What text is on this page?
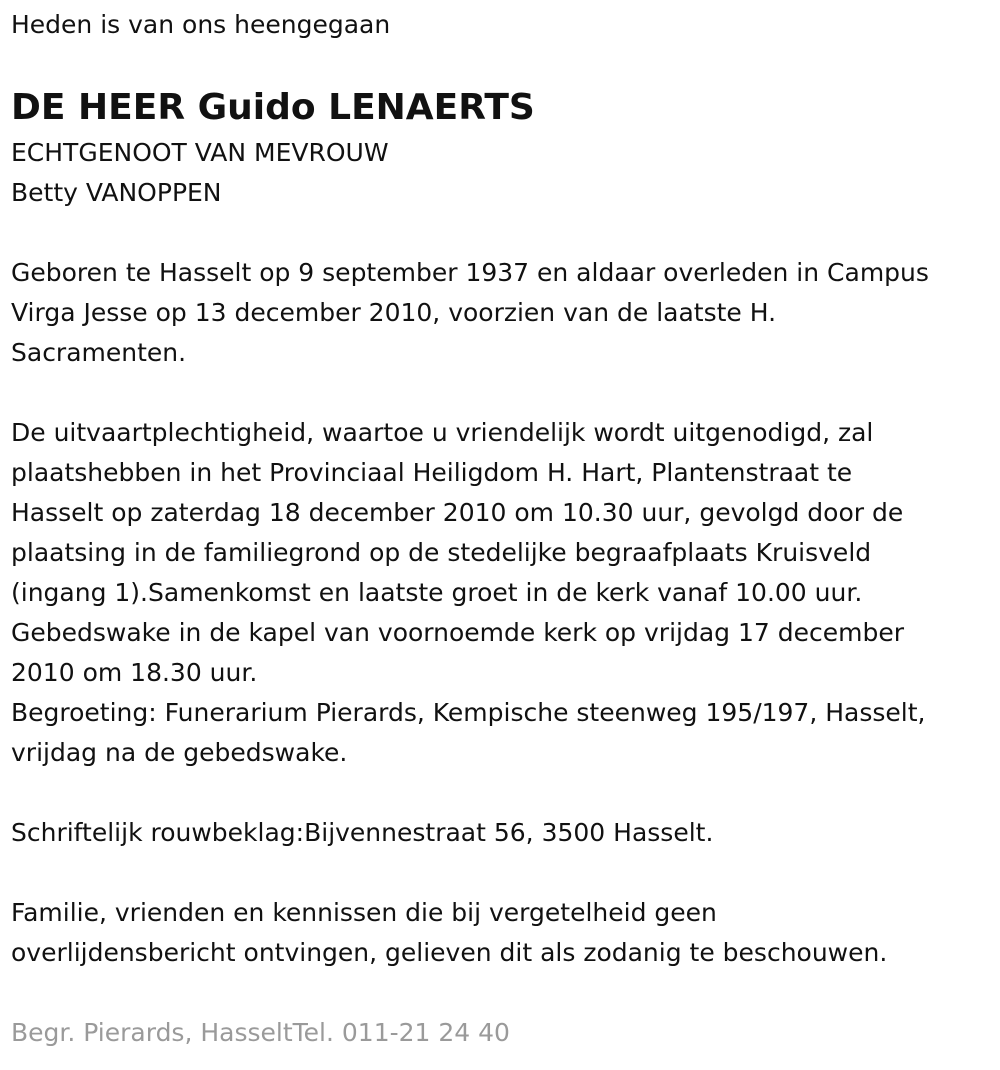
Heden is van ons heengegaan

DE HEER Guido LENAERTS

ECHTGENOOT VAN MEVROUW

Betty VANOPPEN

Geboren te Hasselt op 9 september 1937 en aldaar overleden in Campus

Virga Jesse op 13 december 2010, voorzien van de laatste H.

Sacramenten.

De uitvaartplechtigheid, waartoe u vriendelijk wordt uitgenodigd, zal

plaatshebben in het Provinciaal Heiligdom H. Hart, Plantenstraat te

Hasselt op zaterdag 18 december 2010 om 10.30 uur, gevolgd door de

plaatsing in de familiegrond op de stedelijke begraafplaats Kruisveld

(ingang 1).Samenkomst en laatste groet in de kerk vanaf 10.00 uur.

Gebedswake in de kapel van voornoemde kerk op vrijdag 17 december

2010 om 18.30 uur.

Begroeting: Funerarium Pierards, Kempische steenweg 195/197, Hasselt,

vrijdag na de gebedswake.

Schriftelijk rouwbeklag:Bijvennestraat 56, 3500 Hasselt.

Familie, vrienden en kennissen die bij vergetelheid geen

overlijdensbericht ontvingen, gelieven dit als zodanig te beschouwen.

Begr. Pierards, HasseltTel. 011-21 24 40
